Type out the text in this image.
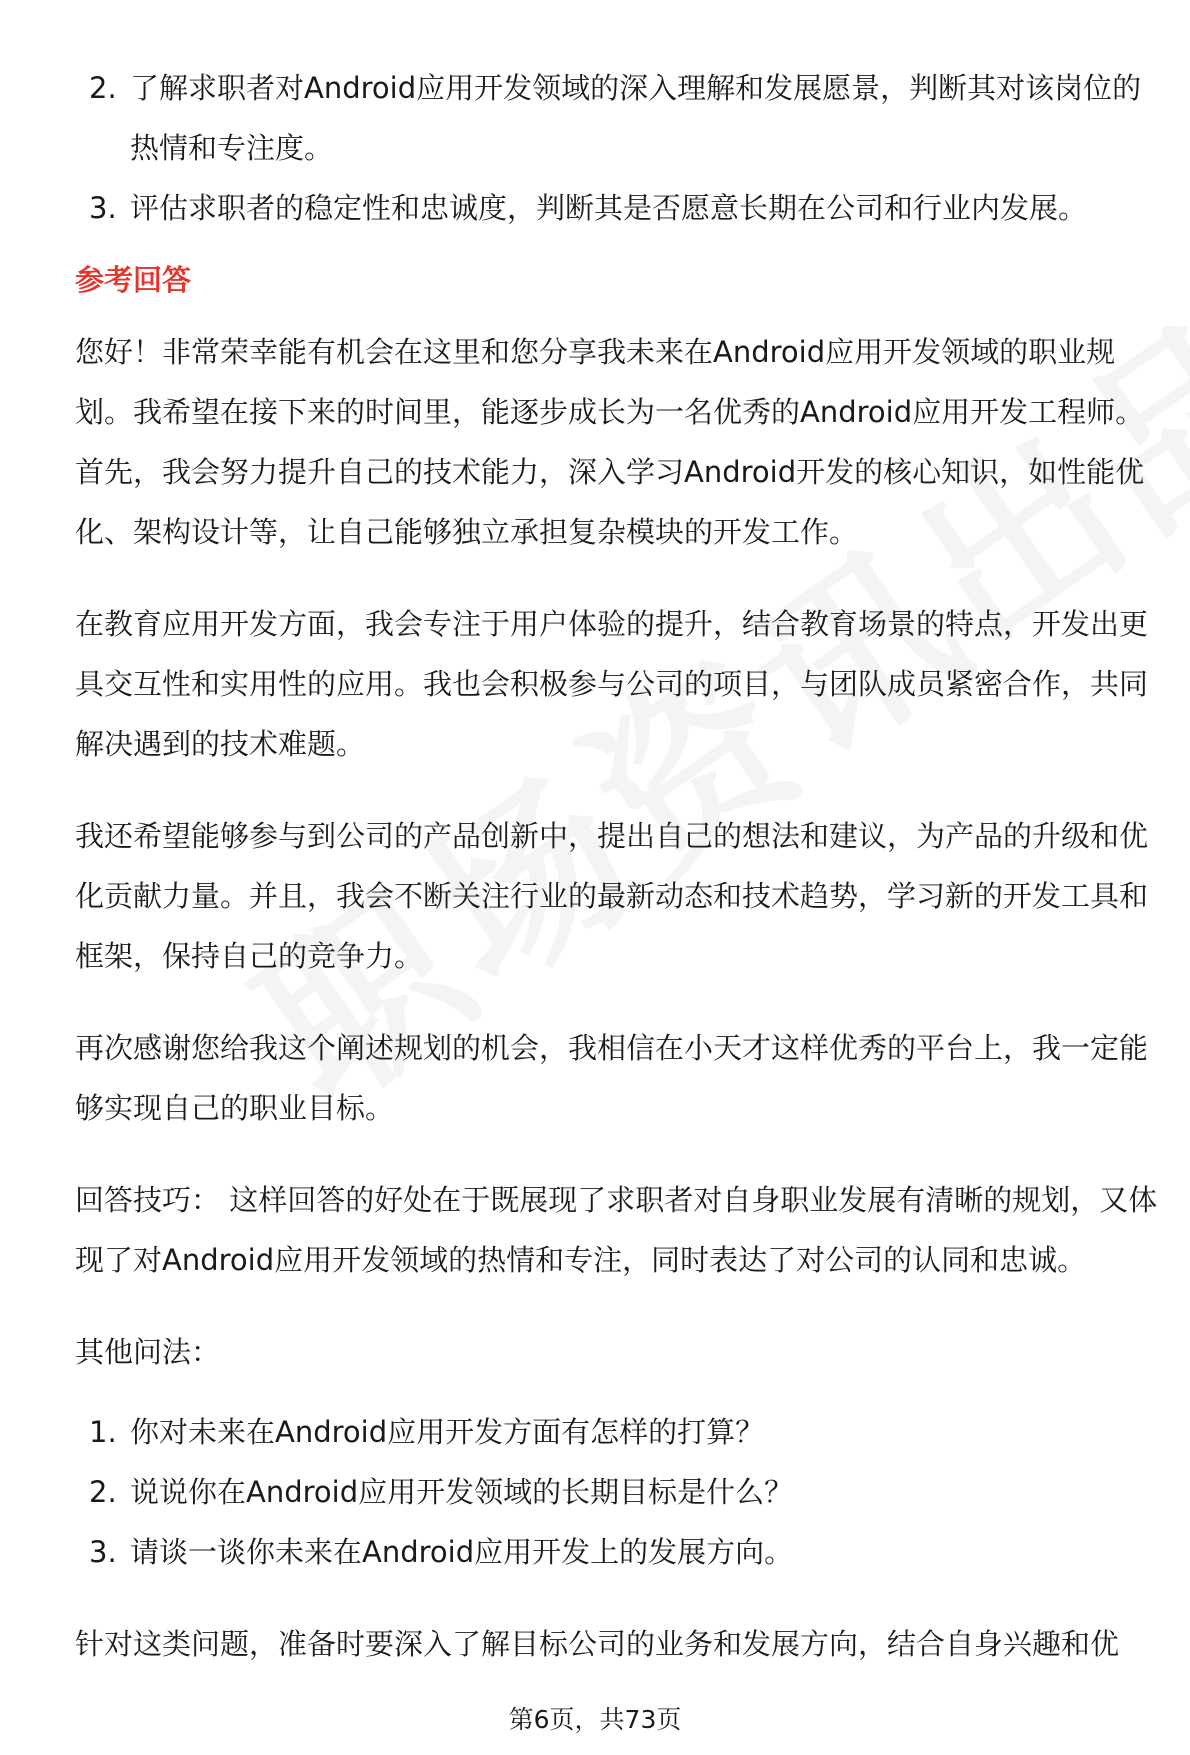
2. 了解求职者对Android应用开发领域的深入理解和发展愿景，判断其对该岗位的热情和专注度。
3. 评估求职者的稳定性和忠诚度，判断其是否愿意长期在公司和行业内发展。
参考回答

您好！非常荣幸能有机会在这里和您分享我未来在Android应用开发领域的职业规划。我希望在接下来的时间里，能逐步成长为一名优秀的Android应用开发工程师。首先，我会努力提升自己的技术能力，深入学习Android开发的核心知识，如性能优化、架构设计等，让自己能够独立承担复杂模块的开发工作。

在教育应用开发方面，我会专注于用户体验的提升，结合教育场景的特点，开发出更具交互性和实用性的应用。我也会积极参与公司的项目，与团队成员紧密合作，共同解决遇到的技术难题。

我还希望能够参与到公司的产品创新中，提出自己的想法和建议，为产品的升级和优化贡献力量。并且，我会不断关注行业的最新动态和技术趋势，学习新的开发工具和框架，保持自己的竞争力。

再次感谢您给我这个阐述规划的机会，我相信在小天才这样优秀的平台上，我一定能够实现自己的职业目标。

回答技巧： 这样回答的好处在于既展现了求职者对自身职业发展有清晰的规划，又体现了对Android应用开发领域的热情和专注，同时表达了对公司的认同和忠诚。

其他问法：

1. 你对未来在Android应用开发方面有怎样的打算？
2. 说说你在Android应用开发领域的长期目标是什么？
3. 请谈一谈你未来在Android应用开发上的发展方向。

针对这类问题，准备时要深入了解目标公司的业务和发展方向，结合自身兴趣和优

第6页，共73页
